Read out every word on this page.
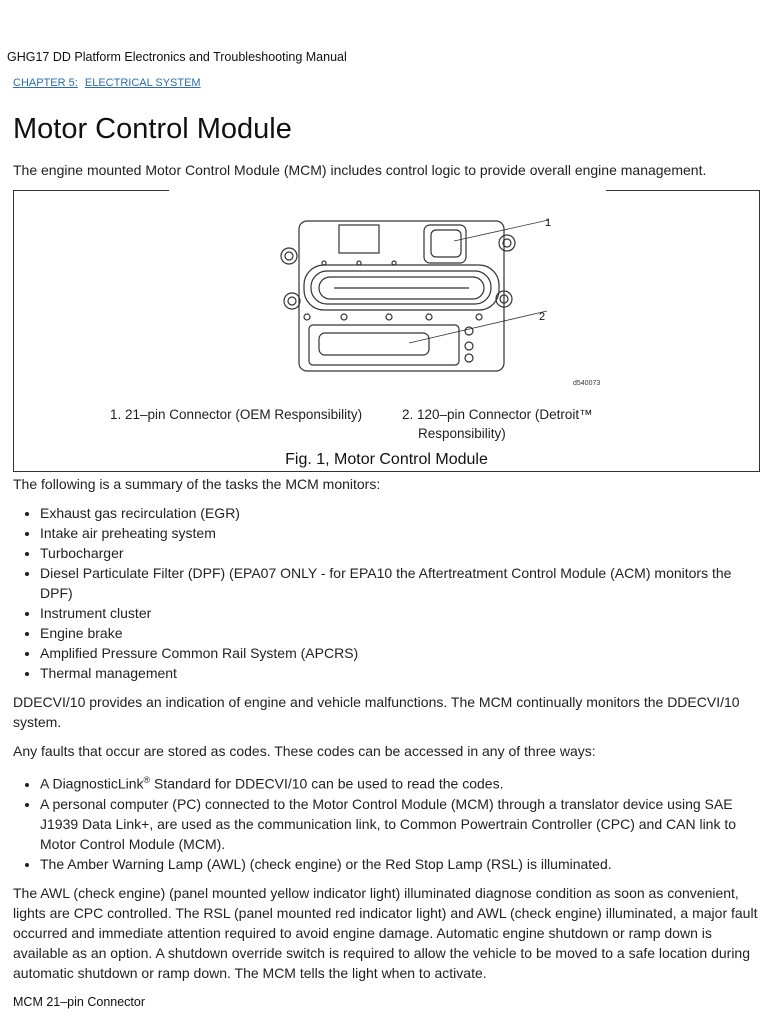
GHG17 DD Platform Electronics and Troubleshooting Manual
CHAPTER 5: ELECTRICAL SYSTEM
Motor Control Module

The engine mounted Motor Control Module (MCM) includes control logic to provide overall engine management.

1
2
d540073
1. 21–pin Connector (OEM Responsibility)	2. 120–pin Connector (Detroit™
Responsibility)
Fig. 1, Motor Control Module

The following is a summary of the tasks the MCM monitors:

• Exhaust gas recirculation (EGR)
• Intake air preheating system
• Turbocharger
• Diesel Particulate Filter (DPF) (EPA07 ONLY - for EPA10 the Aftertreatment Control Module (ACM) monitors the DPF)
• Instrument cluster
• Engine brake
• Amplified Pressure Common Rail System (APCRS)
• Thermal management

DDECVI/10 provides an indication of engine and vehicle malfunctions. The MCM continually monitors the DDECVI/10 system.

Any faults that occur are stored as codes. These codes can be accessed in any of three ways:

• A DiagnosticLink® Standard for DDECVI/10 can be used to read the codes.
• A personal computer (PC) connected to the Motor Control Module (MCM) through a translator device using SAE J1939 Data Link+, are used as the communication link, to Common Powertrain Controller (CPC) and CAN link to Motor Control Module (MCM).
• The Amber Warning Lamp (AWL) (check engine) or the Red Stop Lamp (RSL) is illuminated.

The AWL (check engine) (panel mounted yellow indicator light) illuminated diagnose condition as soon as convenient, lights are CPC controlled. The RSL (panel mounted red indicator light) and AWL (check engine) illuminated, a major fault occurred and immediate attention required to avoid engine damage. Automatic engine shutdown or ramp down is available as an option. A shutdown override switch is required to allow the vehicle to be moved to a safe location during automatic shutdown or ramp down. The MCM tells the light when to activate.

MCM 21–pin Connector
